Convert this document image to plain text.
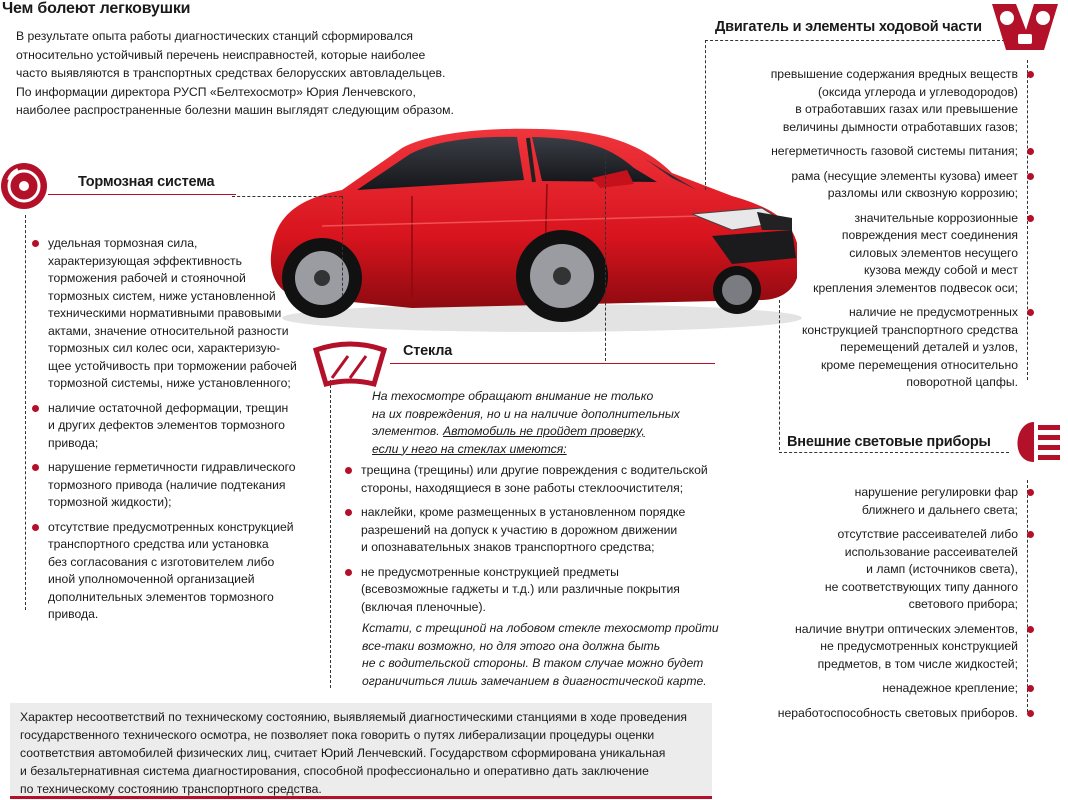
Чем болеют легковушки
В результате опыта работы диагностических станций сформировался
относительно устойчивый перечень неисправностей, которые наиболее
часто выявляются в транспортных средствах белорусских автовладельцев.
По информации директора РУСП «Белтехосмотр» Юрия Ленчевского,
наиболее распространенные болезни машин выглядят следующим образом.
Тормозная система
удельная тормозная сила,
характеризующая эффективность
торможения рабочей и стояночной
тормозных систем, ниже установленной
техническими нормативными правовыми
актами, значение относительной разности
тормозных сил колес оси, характеризую-
щее устойчивость при торможении рабочей
тормозной системы, ниже установленного;
наличие остаточной деформации, трещин
и других дефектов элементов тормозного
привода;
нарушение герметичности гидравлического
тормозного привода (наличие подтекания
тормозной жидкости);
отсутствие предусмотренных конструкцией
транспортного средства или установка
без согласования с изготовителем либо
иной уполномоченной организацией
дополнительных элементов тормозного
привода.
Стекла
На техосмотре обращают внимание не только
на их повреждения, но и на наличие дополнительных
элементов. Автомобиль не пройдет проверку,
если у него на стеклах имеются:
трещина (трещины) или другие повреждения с водительской
стороны, находящиеся в зоне работы стеклоочистителя;
наклейки, кроме размещенных в установленном порядке
разрешений на допуск к участию в дорожном движении
и опознавательных знаков транспортного средства;
не предусмотренные конструкцией предметы
(всевозможные гаджеты и т.д.) или различные покрытия
(включая пленочные).
Кстати, с трещиной на лобовом стекле техосмотр пройти
все-таки возможно, но для этого она должна быть
не с водительской стороны. В таком случае можно будет
ограничиться лишь замечанием в диагностической карте.
Двигатель и элементы ходовой части
превышение содержания вредных веществ
(оксида углерода и углеводородов)
в отработавших газах или превышение
величины дымности отработавших газов;
негерметичность газовой системы питания;
рама (несущие элементы кузова) имеет
разломы или сквозную коррозию;
значительные коррозионные
повреждения мест соединения
силовых элементов несущего
кузова между собой и мест
крепления элементов подвесок оси;
наличие не предусмотренных
конструкцией транспортного средства
перемещений деталей и узлов,
кроме перемещения относительно
поворотной цапфы.
Внешние световые приборы
нарушение регулировки фар
ближнего и дальнего света;
отсутствие рассеивателей либо
использование рассеивателей
и ламп (источников света),
не соответствующих типу данного
светового прибора;
наличие внутри оптических элементов,
не предусмотренных конструкцией
предметов, в том числе жидкостей;
ненадежное крепление;
неработоспособность световых приборов.

Характер несоответствий по техническому состоянию, выявляемый диагностическими станциями в ходе проведения
государственного технического осмотра, не позволяет пока говорить о путях либерализации процедуры оценки
соответствия автомобилей физических лиц, считает Юрий Ленчевский. Государством сформирована уникальная
и безальтернативная система диагностирования, способной профессионально и оперативно дать заключение
по техническому состоянию транспортного средства.
